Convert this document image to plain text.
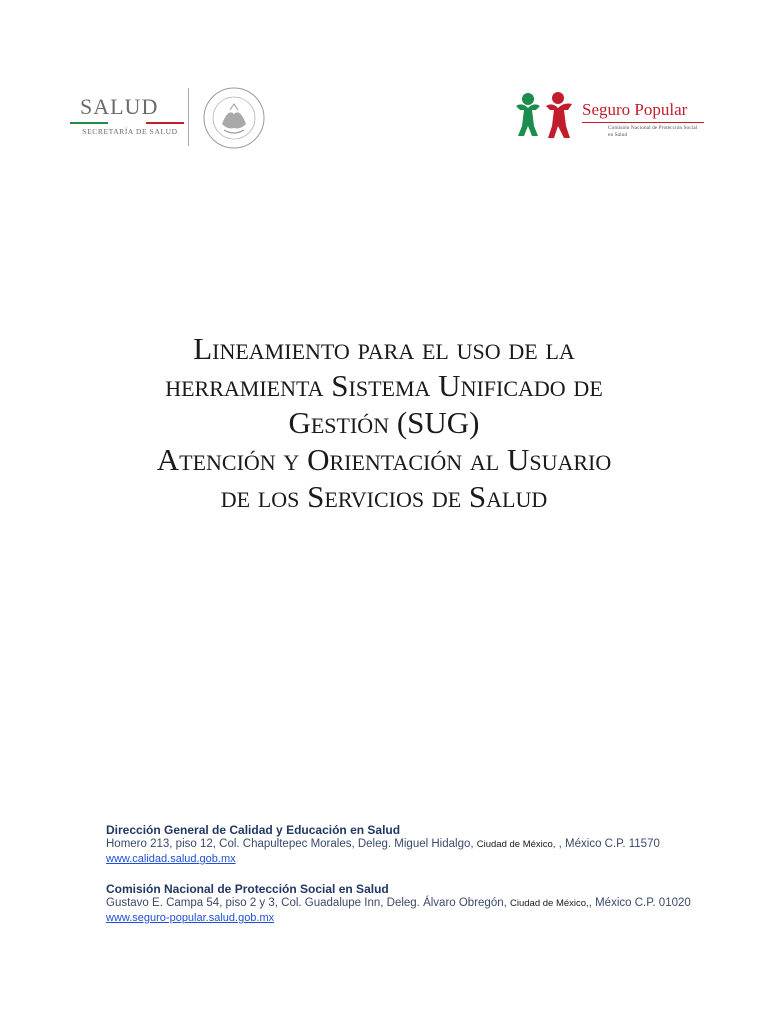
SALUD
SECRETARÍA DE SALUD
Seguro Popular
Comisión Nacional de Protección Social en Salud
Lineamiento para el uso de la
herramienta Sistema Unificado de
Gestión (SUG)
Atención y Orientación al Usuario
de los Servicios de Salud
Dirección General de Calidad y Educación en Salud
Homero 213, piso 12, Col. Chapultepec Morales, Deleg. Miguel Hidalgo, Ciudad de México, , México C.P. 11570
www.calidad.salud.gob.mx
Comisión Nacional de Protección Social en Salud
Gustavo E. Campa 54, piso 2 y 3, Col. Guadalupe Inn, Deleg. Álvaro Obregón, Ciudad de México,, México C.P. 01020
www.seguro-popular.salud.gob.mx
